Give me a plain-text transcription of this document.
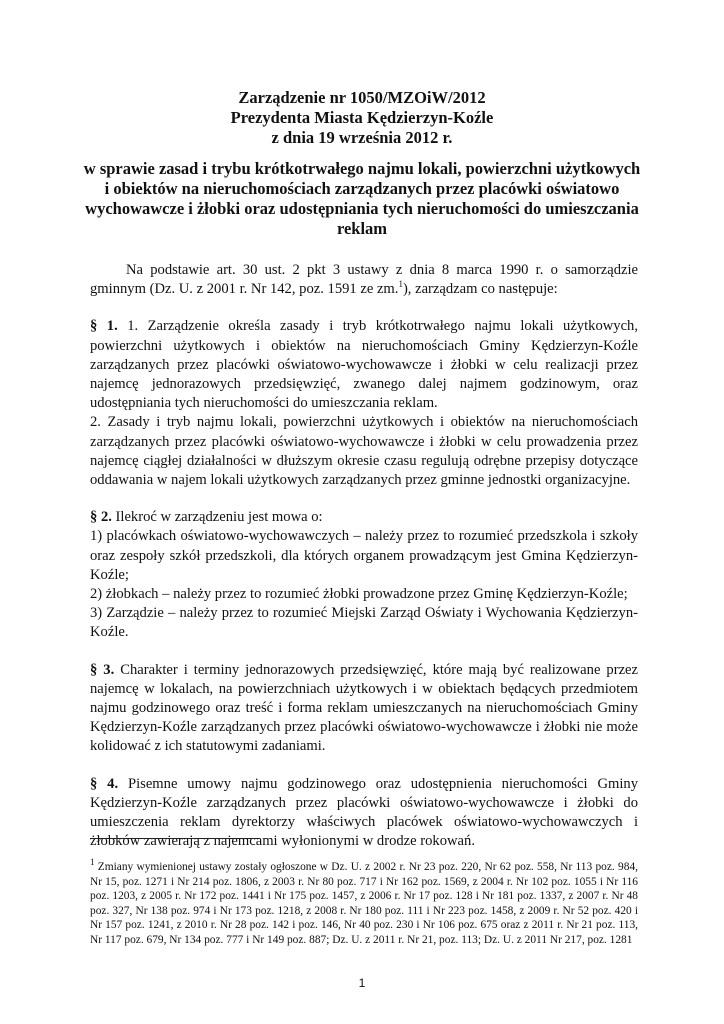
Zarządzenie nr 1050/MZOiW/2012
Prezydenta Miasta Kędzierzyn-Koźle
z dnia 19 września 2012 r.
w sprawie zasad i trybu krótkotrwałego najmu lokali, powierzchni użytkowych i obiektów na nieruchomościach zarządzanych przez placówki oświatowo wychowawcze i żłobki oraz udostępniania tych nieruchomości do umieszczania reklam

Na podstawie art. 30 ust. 2 pkt 3 ustawy z dnia 8 marca 1990 r. o samorządzie gminnym (Dz. U. z 2001 r. Nr 142, poz. 1591 ze zm.$^1$), zarządzam co następuje:

§ 1. 1. Zarządzenie określa zasady i tryb krótkotrwałego najmu lokali użytkowych, powierzchni użytkowych i obiektów na nieruchomościach Gminy Kędzierzyn-Koźle zarządzanych przez placówki oświatowo-wychowawcze i żłobki w celu realizacji przez najemcę jednorazowych przedsięwzięć, zwanego dalej najmem godzinowym, oraz udostępniania tych nieruchomości do umieszczania reklam.

2. Zasady i tryb najmu lokali, powierzchni użytkowych i obiektów na nieruchomościach zarządzanych przez placówki oświatowo-wychowawcze i żłobki w celu prowadzenia przez najemcę ciągłej działalności w dłuższym okresie czasu regulują odrębne przepisy dotyczące oddawania w najem lokali użytkowych zarządzanych przez gminne jednostki organizacyjne.

§ 2. Ilekroć w zarządzeniu jest mowa o:

1) placówkach oświatowo-wychowawczych – należy przez to rozumieć przedszkola i szkoły oraz zespoły szkół przedszkoli, dla których organem prowadzącym jest Gmina Kędzierzyn-Koźle;

2) żłobkach – należy przez to rozumieć żłobki prowadzone przez Gminę Kędzierzyn-Koźle;

3) Zarządzie – należy przez to rozumieć Miejski Zarząd Oświaty i Wychowania Kędzierzyn-Koźle.

§ 3. Charakter i terminy jednorazowych przedsięwzięć, które mają być realizowane przez najemcę w lokalach, na powierzchniach użytkowych i w obiektach będących przedmiotem najmu godzinowego oraz treść i forma reklam umieszczanych na nieruchomościach Gminy Kędzierzyn-Koźle zarządzanych przez placówki oświatowo-wychowawcze i żłobki nie może kolidować z ich statutowymi zadaniami.

§ 4. Pisemne umowy najmu godzinowego oraz udostępnienia nieruchomości Gminy Kędzierzyn-Koźle zarządzanych przez placówki oświatowo-wychowawcze i żłobki do umieszczenia reklam dyrektorzy właściwych placówek oświatowo-wychowawczych i żłobków zawierają z najemcami wyłonionymi w drodze rokowań.

$^1$ Zmiany wymienionej ustawy zostały ogłoszone w Dz. U. z 2002 r. Nr 23 poz. 220, Nr 62 poz. 558, Nr 113 poz. 984, Nr 15, poz. 1271 i Nr 214 poz. 1806, z 2003 r. Nr 80 poz. 717 i Nr 162 poz. 1569, z 2004 r. Nr 102 poz. 1055 i Nr 116 poz. 1203, z 2005 r. Nr 172 poz. 1441 i Nr 175 poz. 1457, z 2006 r. Nr 17 poz. 128 i Nr 181 poz. 1337, z 2007 r. Nr 48 poz. 327, Nr 138 poz. 974 i Nr 173 poz. 1218, z 2008 r. Nr 180 poz. 111 i Nr 223 poz. 1458, z 2009 r. Nr 52 poz. 420 i Nr 157 poz. 1241, z 2010 r. Nr 28 poz. 142 i poz. 146, Nr 40 poz. 230 i Nr 106 poz. 675 oraz z 2011 r. Nr 21 poz. 113, Nr 117 poz. 679, Nr 134 poz. 777 i Nr 149 poz. 887; Dz. U. z 2011 r. Nr 21, poz. 113; Dz. U. z 2011 Nr 217, poz. 1281
1
